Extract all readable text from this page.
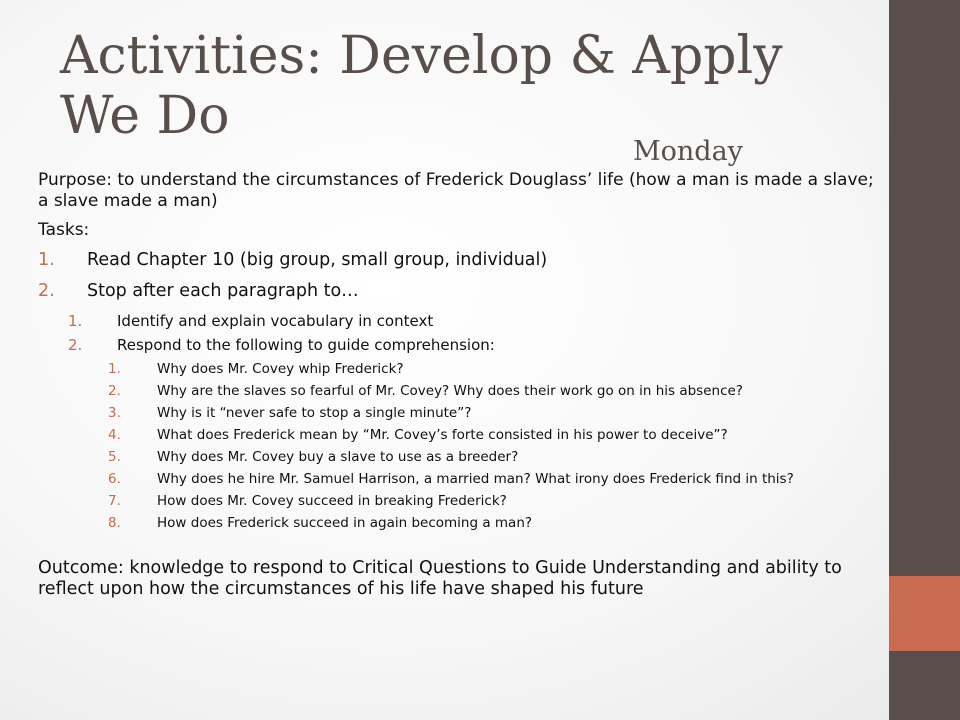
Activities: Develop & Apply
We Do
Monday

Purpose: to understand the circumstances of Frederick Douglass’ life (how a man is made a slave; a slave made a man)

Tasks:

1. Read Chapter 10 (big group, small group, individual)
2. Stop after each paragraph to…
1. Identify and explain vocabulary in context
2. Respond to the following to guide comprehension:
1.	Why does Mr. Covey whip Frederick?
2.	Why are the slaves so fearful of Mr. Covey? Why does their work go on in his absence?
3.	Why is it “never safe to stop a single minute”?
4.	What does Frederick mean by “Mr. Covey’s forte consisted in his power to deceive”?
5.	Why does Mr. Covey buy a slave to use as a breeder?
6.	Why does he hire Mr. Samuel Harrison, a married man? What irony does Frederick find in this?
7.	How does Mr. Covey succeed in breaking Frederick?
8.	How does Frederick succeed in again becoming a man?

Outcome: knowledge to respond to Critical Questions to Guide Understanding and ability to reflect upon how the circumstances of his life have shaped his future
